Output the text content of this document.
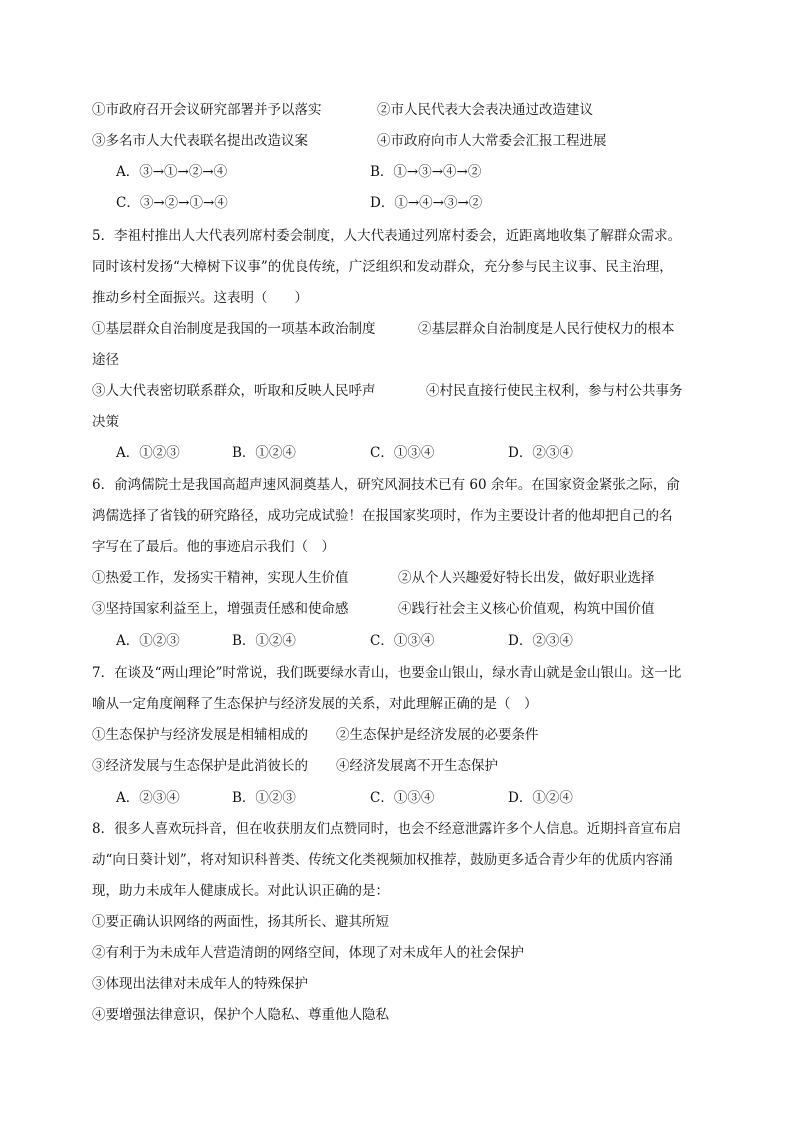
①市政府召开会议研究部署并予以落实	②市人民代表大会表决通过改造建议
③多名市人大代表联名提出改造议案	④市政府向市人大常委会汇报工程进展
A．③→①→②→④	B．①→③→④→②
C．③→②→①→④	D．①→④→③→②
5．李祖村推出人大代表列席村委会制度，人大代表通过列席村委会，近距离地收集了解群众需求。
同时该村发扬“大樟树下议事”的优良传统，广泛组织和发动群众，充分参与民主议事、民主治理，
推动乡村全面振兴。这表明（　　）
①基层群众自治制度是我国的一项基本政治制度	②基层群众自治制度是人民行使权力的根本
途径
③人大代表密切联系群众，听取和反映人民呼声	④村民直接行使民主权利，参与村公共事务
决策
A．①②③	B．①②④	C．①③④	D．②③④
6．俞鸿儒院士是我国高超声速风洞奠基人，研究风洞技术已有 60 余年。在国家资金紧张之际，俞
鸿儒选择了省钱的研究路径，成功完成试验！在报国家奖项时，作为主要设计者的他却把自己的名
字写在了最后。他的事迹启示我们（　）
①热爱工作，发扬实干精神，实现人生价值	②从个人兴趣爱好特长出发，做好职业选择
③坚持国家利益至上，增强责任感和使命感	④践行社会主义核心价值观，构筑中国价值
A．①②③	B．①②④	C．①③④	D．②③④
7．在谈及“两山理论”时常说，我们既要绿水青山，也要金山银山，绿水青山就是金山银山。这一比
喻从一定角度阐释了生态保护与经济发展的关系，对此理解正确的是（　）
①生态保护与经济发展是相辅相成的 ②生态保护是经济发展的必要条件
③经济发展与生态保护是此消彼长的 ④经济发展离不开生态保护
A．②③④	B．①②③	C．①③④	D．①②④
8．很多人喜欢玩抖音，但在收获朋友们点赞同时，也会不经意泄露许多个人信息。近期抖音宣布启
动“向日葵计划”，将对知识科普类、传统文化类视频加权推荐，鼓励更多适合青少年的优质内容涌
现，助力未成年人健康成长。对此认识正确的是：
①要正确认识网络的两面性，扬其所长、避其所短
②有利于为未成年人营造清朗的网络空间，体现了对未成年人的社会保护
③体现出法律对未成年人的特殊保护
④要增强法律意识，保护个人隐私、尊重他人隐私
